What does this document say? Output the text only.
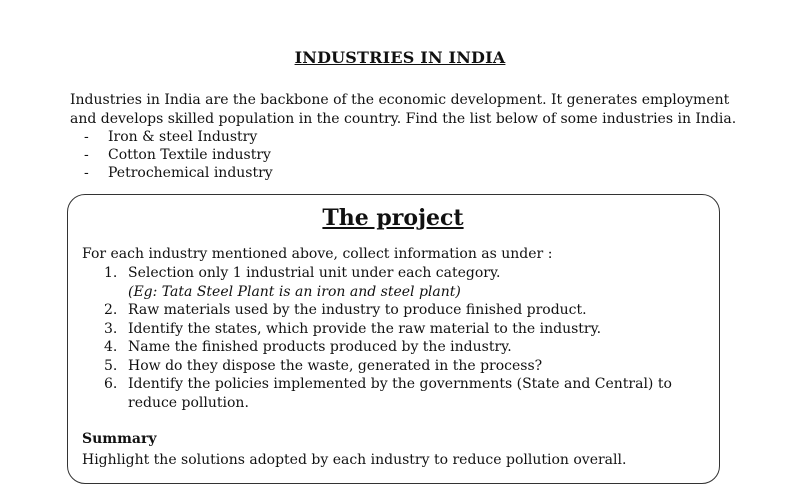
INDUSTRIES IN INDIA
Industries in India are the backbone of the economic development. It generates employment and develops skilled population in the country. Find the list below of some industries in India.
- Iron & steel Industry
- Cotton Textile industry
- Petrochemical industry
The project
For each industry mentioned above, collect information as under :
1. Selection only 1 industrial unit under each category.
(Eg: Tata Steel Plant is an iron and steel plant)
2. Raw materials used by the industry to produce finished product.
3. Identify the states, which provide the raw material to the industry.
4. Name the finished products produced by the industry.
5. How do they dispose the waste, generated in the process?
6. Identify the policies implemented by the governments (State and Central) to reduce pollution.
Summary
Highlight the solutions adopted by each industry to reduce pollution overall.
